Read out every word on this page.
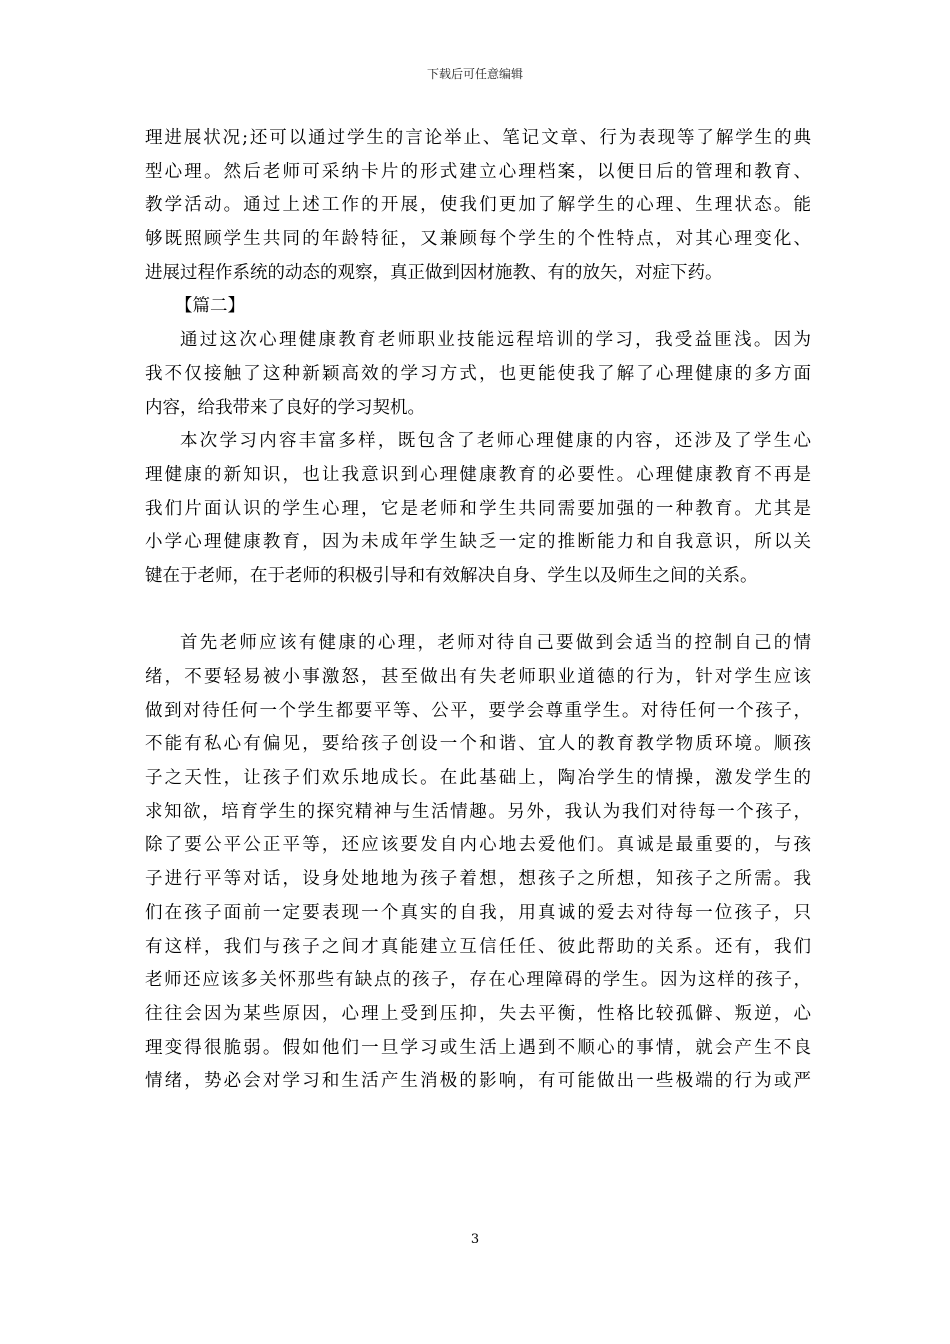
下载后可任意编辑
理进展状况;还可以通过学生的言论举止、笔记文章、行为表现等了解学生的典
型心理。然后老师可采纳卡片的形式建立心理档案，以便日后的管理和教育、
教学活动。通过上述工作的开展，使我们更加了解学生的心理、生理状态。能
够既照顾学生共同的年龄特征，又兼顾每个学生的个性特点，对其心理变化、
进展过程作系统的动态的观察，真正做到因材施教、有的放矢，对症下药。
【篇二】
通过这次心理健康教育老师职业技能远程培训的学习，我受益匪浅。因为
我不仅接触了这种新颖高效的学习方式，也更能使我了解了心理健康的多方面
内容，给我带来了良好的学习契机。
本次学习内容丰富多样，既包含了老师心理健康的内容，还涉及了学生心
理健康的新知识，也让我意识到心理健康教育的必要性。心理健康教育不再是
我们片面认识的学生心理，它是老师和学生共同需要加强的一种教育。尤其是
小学心理健康教育，因为未成年学生缺乏一定的推断能力和自我意识，所以关
键在于老师，在于老师的积极引导和有效解决自身、学生以及师生之间的关系。
首先老师应该有健康的心理，老师对待自己要做到会适当的控制自己的情
绪，不要轻易被小事激怒，甚至做出有失老师职业道德的行为，针对学生应该
做到对待任何一个学生都要平等、公平，要学会尊重学生。对待任何一个孩子，
不能有私心有偏见，要给孩子创设一个和谐、宜人的教育教学物质环境。顺孩
子之天性，让孩子们欢乐地成长。在此基础上，陶冶学生的情操，激发学生的
求知欲，培育学生的探究精神与生活情趣。另外，我认为我们对待每一个孩子，
除了要公平公正平等，还应该要发自内心地去爱他们。真诚是最重要的，与孩
子进行平等对话，设身处地地为孩子着想，想孩子之所想，知孩子之所需。我
们在孩子面前一定要表现一个真实的自我，用真诚的爱去对待每一位孩子，只
有这样，我们与孩子之间才真能建立互信任任、彼此帮助的关系。还有，我们
老师还应该多关怀那些有缺点的孩子，存在心理障碍的学生。因为这样的孩子，
往往会因为某些原因，心理上受到压抑，失去平衡，性格比较孤僻、叛逆，心
理变得很脆弱。假如他们一旦学习或生活上遇到不顺心的事情，就会产生不良
情绪，势必会对学习和生活产生消极的影响，有可能做出一些极端的行为或严
3
